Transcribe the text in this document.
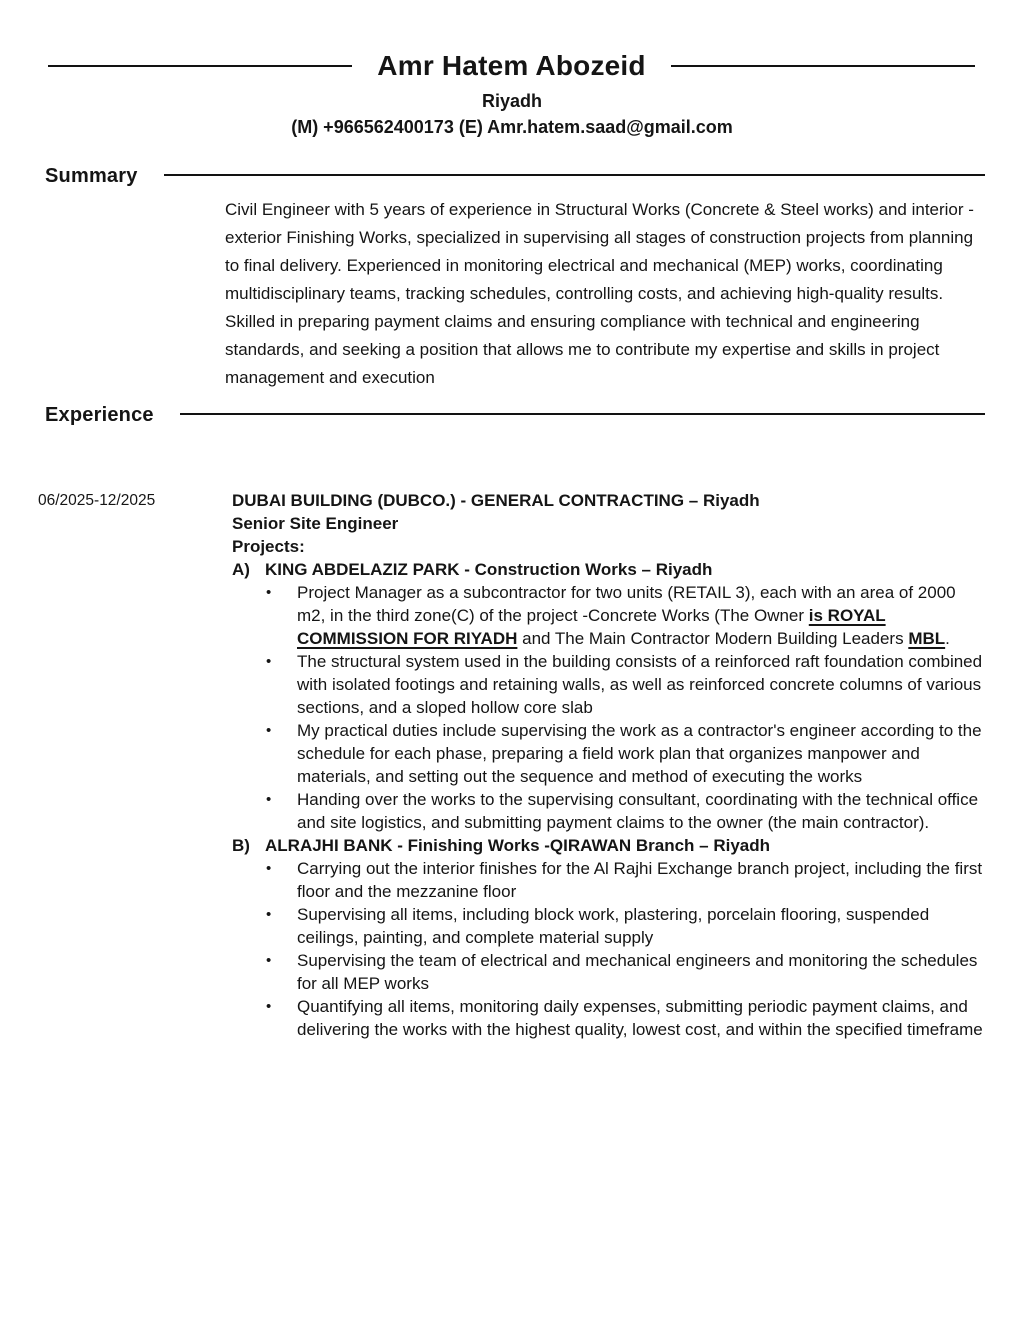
Amr Hatem Abozeid
Riyadh
(M) +966562400173 (E) Amr.hatem.saad@gmail.com
Summary

Civil Engineer with 5 years of experience in Structural Works (Concrete & Steel works) and interior - exterior Finishing Works, specialized in supervising all stages of construction projects from planning to final delivery. Experienced in monitoring electrical and mechanical (MEP) works, coordinating multidisciplinary teams, tracking schedules, controlling costs, and achieving high-quality results. Skilled in preparing payment claims and ensuring compliance with technical and engineering standards, and seeking a position that allows me to contribute my expertise and skills in project management and execution

Experience
06/2025-12/2025	DUBAI BUILDING (DUBCO.) - GENERAL CONTRACTING – Riyadh
Senior Site Engineer
Projects:
A) KING ABDELAZIZ PARK - Construction Works – Riyadh
•	Project Manager as a subcontractor for two units (RETAIL 3), each with an area of 2000 m2, in the third zone(C) of the project -Concrete Works (The Owner is ROYAL COMMISSION FOR RIYADH and The Main Contractor Modern Building Leaders MBL.
•	The structural system used in the building consists of a reinforced raft foundation combined with isolated footings and retaining walls, as well as reinforced concrete columns of various sections, and a sloped hollow core slab
•	My practical duties include supervising the work as a contractor's engineer according to the schedule for each phase, preparing a field work plan that organizes manpower and materials, and setting out the sequence and method of executing the works
•	Handing over the works to the supervising consultant, coordinating with the technical office and site logistics, and submitting payment claims to the owner (the main contractor).
B) ALRAJHI BANK - Finishing Works -QIRAWAN Branch – Riyadh
•	Carrying out the interior finishes for the Al Rajhi Exchange branch project, including the first floor and the mezzanine floor
•	Supervising all items, including block work, plastering, porcelain flooring, suspended ceilings, painting, and complete material supply
•	Supervising the team of electrical and mechanical engineers and monitoring the schedules for all MEP works
•	Quantifying all items, monitoring daily expenses, submitting periodic payment claims, and delivering the works with the highest quality, lowest cost, and within the specified timeframe
